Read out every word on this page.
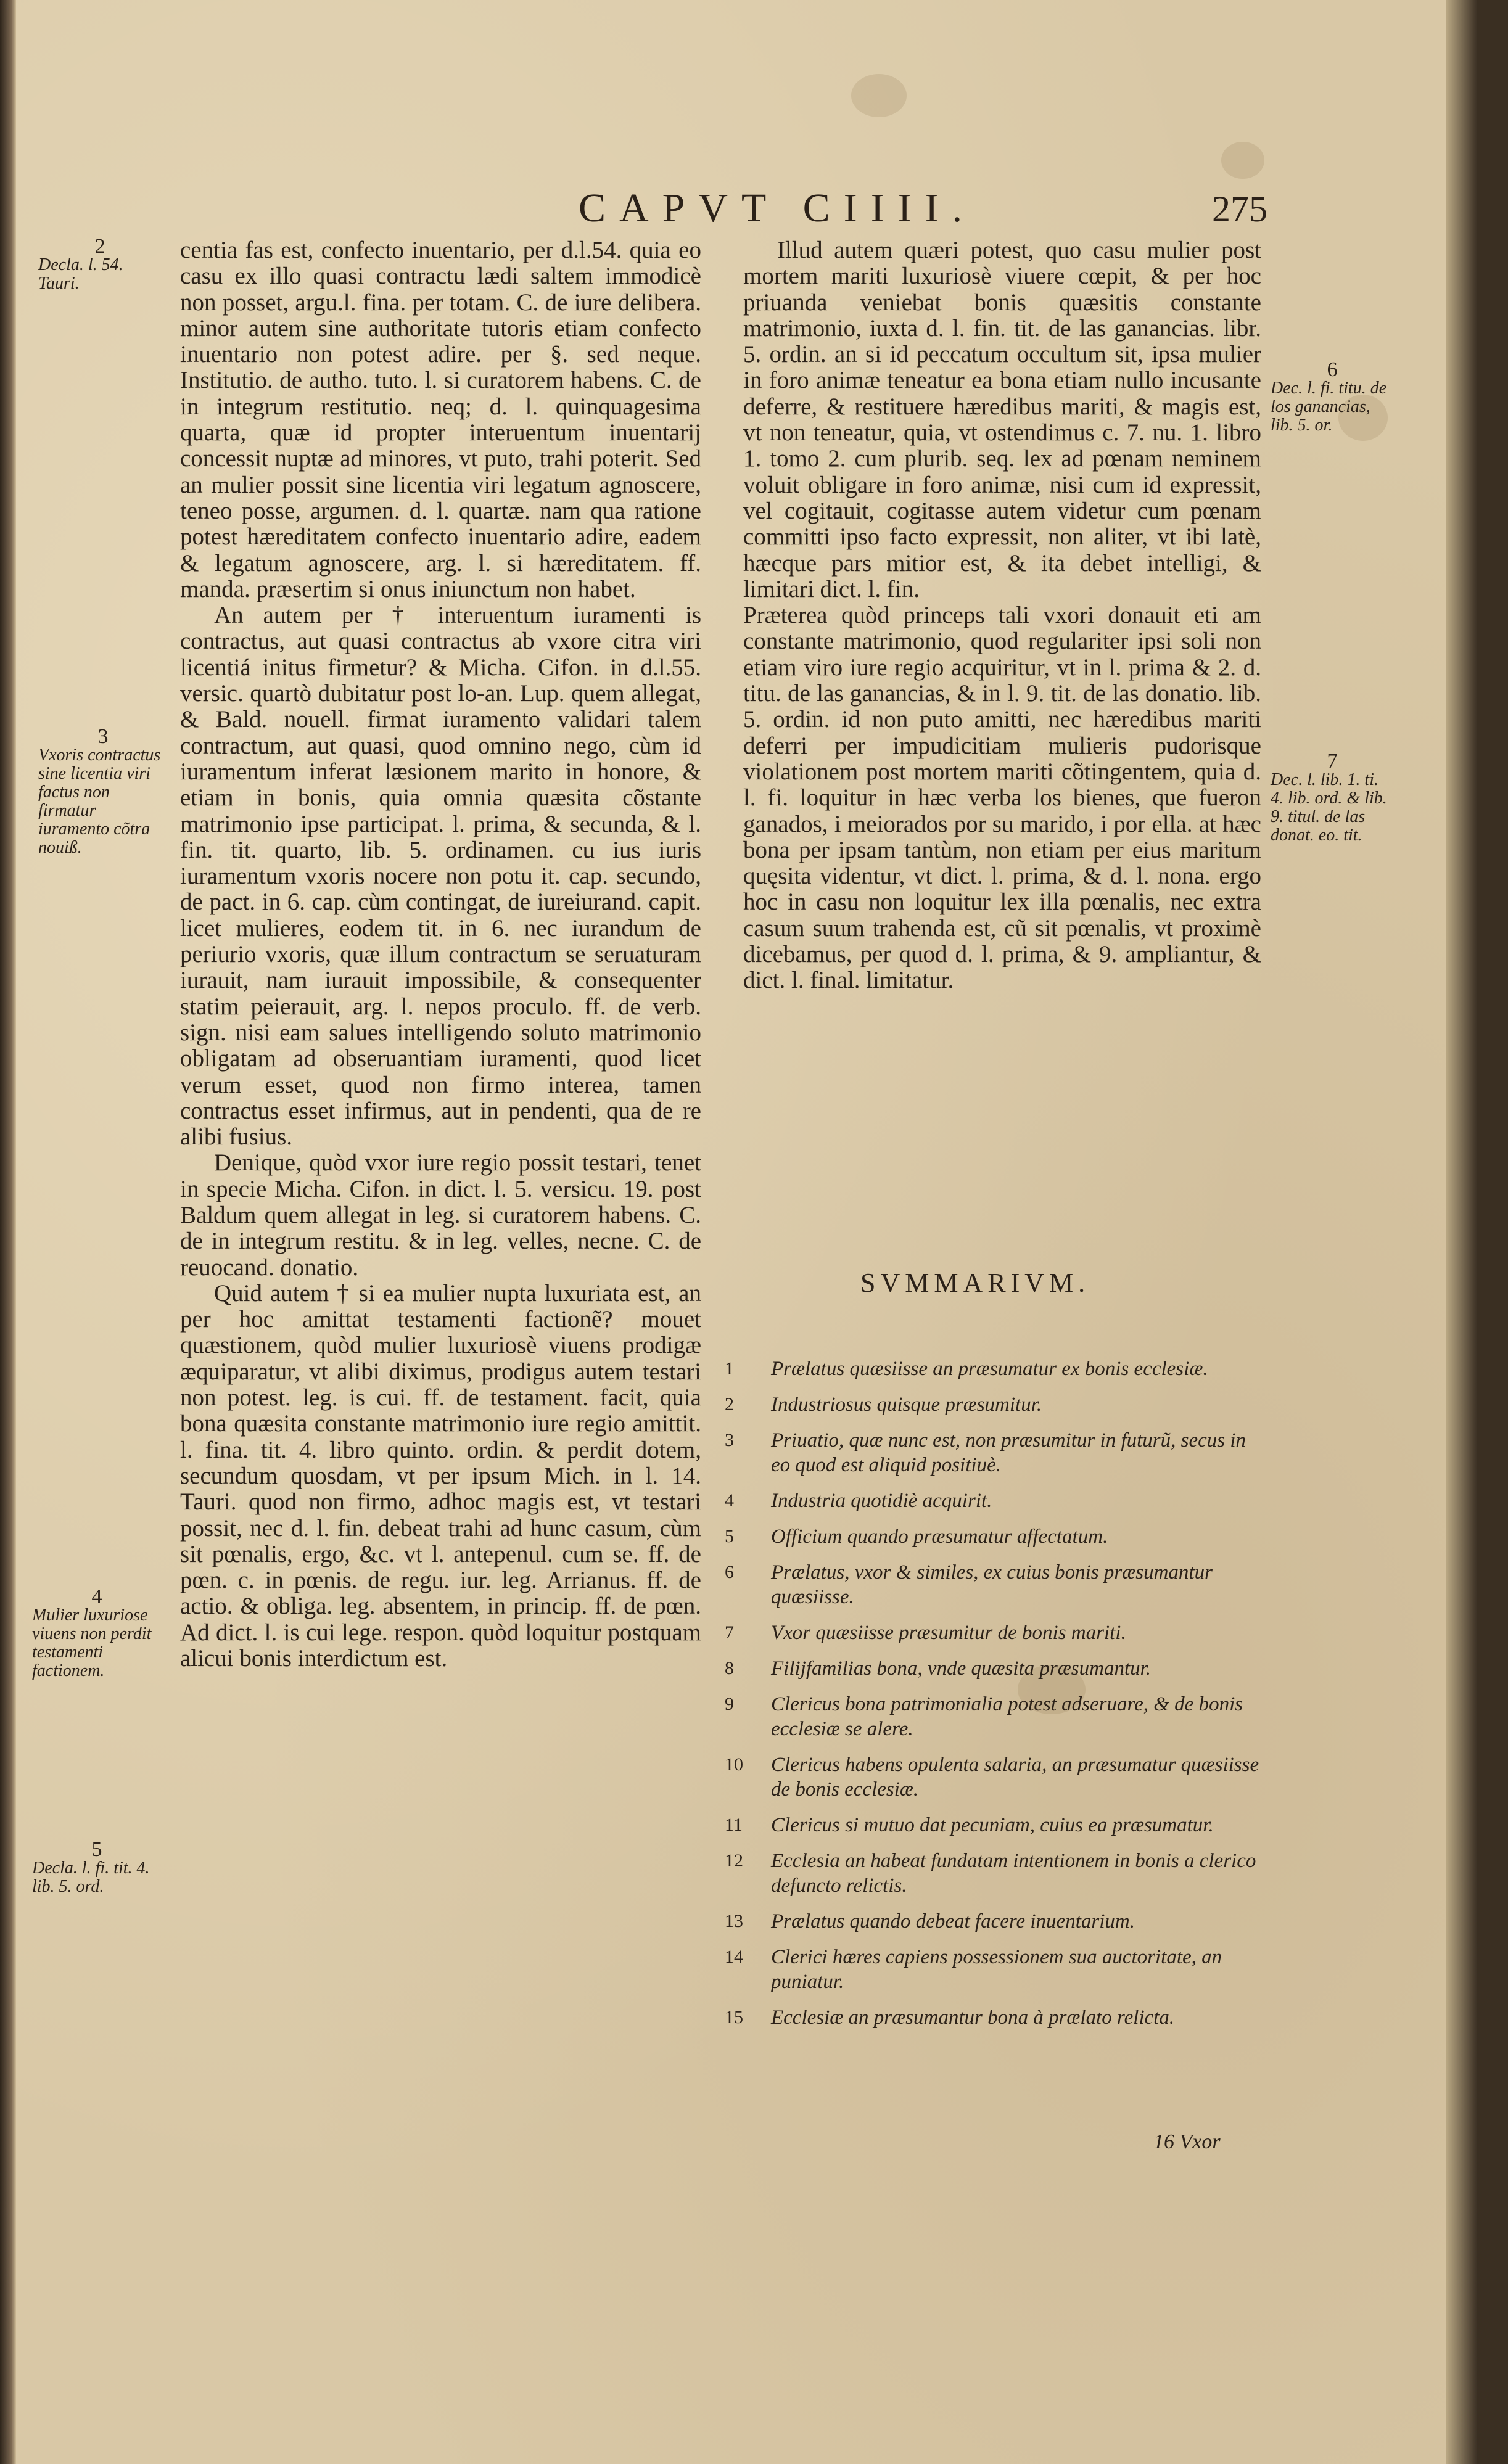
CAPVT CIIII.	275
2
Decla. l. 54. Tauri.
3
Vxoris contractus sine licentia viri factus non firmatur iuramento cõtra nouiß.
4
Mulier luxuriose viuens non perdit testamenti factionem.
5
Decla. l. fi. tit. 4. lib. 5. ord.

centia fas est, confecto inuentario, per d.l.54. quia eo casu ex illo quasi contractu lædi saltem immodicè non posset, argu.l. fina. per totam. C. de iure delibera. minor autem sine authoritate tutoris etiam confecto inuentario non potest adire. per §. sed neque. Institutio. de autho. tuto. l. si curatorem habens. C. de in integrum restitutio. neq; d. l. quinquagesima quarta, quæ id propter interuentum inuentarij concessit nuptæ ad minores, vt puto, trahi poterit. Sed an mulier possit sine licentia viri legatum agnoscere, teneo posse, argumen. d. l. quartæ. nam qua ratione potest hæreditatem confecto inuentario adire, eadem & legatum agnoscere, arg. l. si hæreditatem. ff. manda. præsertim si onus iniunctum non habet.

An autem per † interuentum iuramenti is contractus, aut quasi contractus ab vxore citra viri licentiá initus firmetur? & Micha. Cifon. in d.l.55. versic. quartò dubitatur post lo-an. Lup. quem allegat, & Bald. nouell. firmat iuramento validari talem contractum, aut quasi, quod omnino nego, cùm id iuramentum inferat læsionem marito in honore, & etiam in bonis, quia omnia quæsita cõstante matrimonio ipse participat. l. prima, & secunda, & l. fin. tit. quarto, lib. 5. ordinamen. cu ius iuris iuramentum vxoris nocere non potu it. cap. secundo, de pact. in 6. cap. cùm contingat, de iureiurand. capit. licet mulieres, eodem tit. in 6. nec iurandum de periurio vxoris, quæ illum contractum se seruaturam iurauit, nam iurauit impossibile, & consequenter statim peierauit, arg. l. nepos proculo. ff. de verb. sign. nisi eam salues intelligendo soluto matrimonio obligatam ad obseruantiam iuramenti, quod licet verum esset, quod non firmo interea, tamen contractus esset infirmus, aut in pendenti, qua de re alibi fusius.

Denique, quòd vxor iure regio possit testari, tenet in specie Micha. Cifon. in dict. l. 5. versicu. 19. post Baldum quem allegat in leg. si curatorem habens. C. de in integrum restitu. & in leg. velles, necne. C. de reuocand. donatio.

Quid autem † si ea mulier nupta luxuriata est, an per hoc amittat testamenti factionẽ? mouet quæstionem, quòd mulier luxuriosè viuens prodigæ æquiparatur, vt alibi diximus, prodigus autem testari non potest. leg. is cui. ff. de testament. facit, quia bona quæsita constante matrimonio iure regio amittit. l. fina. tit. 4. libro quinto. ordin. & perdit dotem, secundum quosdam, vt per ipsum Mich. in l. 14. Tauri. quod non firmo, adhoc magis est, vt testari possit, nec d. l. fin. debeat trahi ad hunc casum, cùm sit pœnalis, ergo, &c. vt l. antepenul. cum se. ff. de pœn. c. in pœnis. de regu. iur. leg. Arrianus. ff. de actio. & obliga. leg. absentem, in princip. ff. de pœn. Ad dict. l. is cui lege. respon. quòd loquitur postquam alicui bonis interdictum est.

Illud autem quæri potest, quo casu mulier post mortem mariti luxuriosè viuere cœpit, & per hoc priuanda veniebat bonis quæsitis constante matrimonio, iuxta d. l. fin. tit. de las ganancias. libr. 5. ordin. an si id peccatum occultum sit, ipsa mulier in foro animæ teneatur ea bona etiam nullo incusante deferre, & restituere hæredibus mariti, & magis est, vt non teneatur, quia, vt ostendimus c. 7. nu. 1. libro 1. tomo 2. cum plurib. seq. lex ad pœnam neminem voluit obligare in foro animæ, nisi cum id expressit, vel cogitauit, cogitasse autem videtur cum pœnam committi ipso facto expressit, non aliter, vt ibi latè, hæcque pars mitior est, & ita debet intelligi, & limitari dict. l. fin.

Præterea quòd princeps tali vxori donauit eti am constante matrimonio, quod regulariter ipsi soli non etiam viro iure regio acquiritur, vt in l. prima & 2. d. titu. de las ganancias, & in l. 9. tit. de las donatio. lib. 5. ordin. id non puto amitti, nec hæredibus mariti deferri per impudicitiam mulieris pudorisque violationem post mortem mariti cõtingentem, quia d. l. fi. loquitur in hæc verba los bienes, que fueron ganados, i meiorados por su marido, i por ella. at hæc bona per ipsam tantùm, non etiam per eius maritum quęsita videntur, vt dict. l. prima, & d. l. nona. ergo hoc in casu non loquitur lex illa pœnalis, nec extra casum suum trahenda est, cũ sit pœnalis, vt proximè dicebamus, per quod d. l. prima, & 9. ampliantur, & dict. l. final. limitatur.

6
Dec. l. fi. titu. de los ganancias, lib. 5. or.
7
Dec. l. lib. 1. ti. 4. lib. ord. & lib. 9. titul. de las donat. eo. tit.
SVMMARIVM.
1 Prælatus quæsiisse an præsumatur ex bonis ecclesiæ.
2 Industriosus quisque præsumitur.
3 Priuatio, quæ nunc est, non præsumitur in futurũ, secus in eo quod est aliquid positiuè.
4 Industria quotidiè acquirit.
5 Officium quando præsumatur affectatum.
6 Prælatus, vxor & similes, ex cuius bonis præsumantur quæsiisse.
7 Vxor quæsiisse præsumitur de bonis mariti.
8 Filijfamilias bona, vnde quæsita præsumantur.
9 Clericus bona patrimonialia potest adseruare, & de bonis ecclesiæ se alere.
10 Clericus habens opulenta salaria, an præsumatur quæsiisse de bonis ecclesiæ.
11 Clericus si mutuo dat pecuniam, cuius ea præsumatur.
12 Ecclesia an habeat fundatam intentionem in bonis a clerico defuncto relictis.
13 Prælatus quando debeat facere inuentarium.
14 Clerici hæres capiens possessionem sua auctoritate, an puniatur.
15 Ecclesiæ an præsumantur bona à prælato relicta.
16 Vxor
